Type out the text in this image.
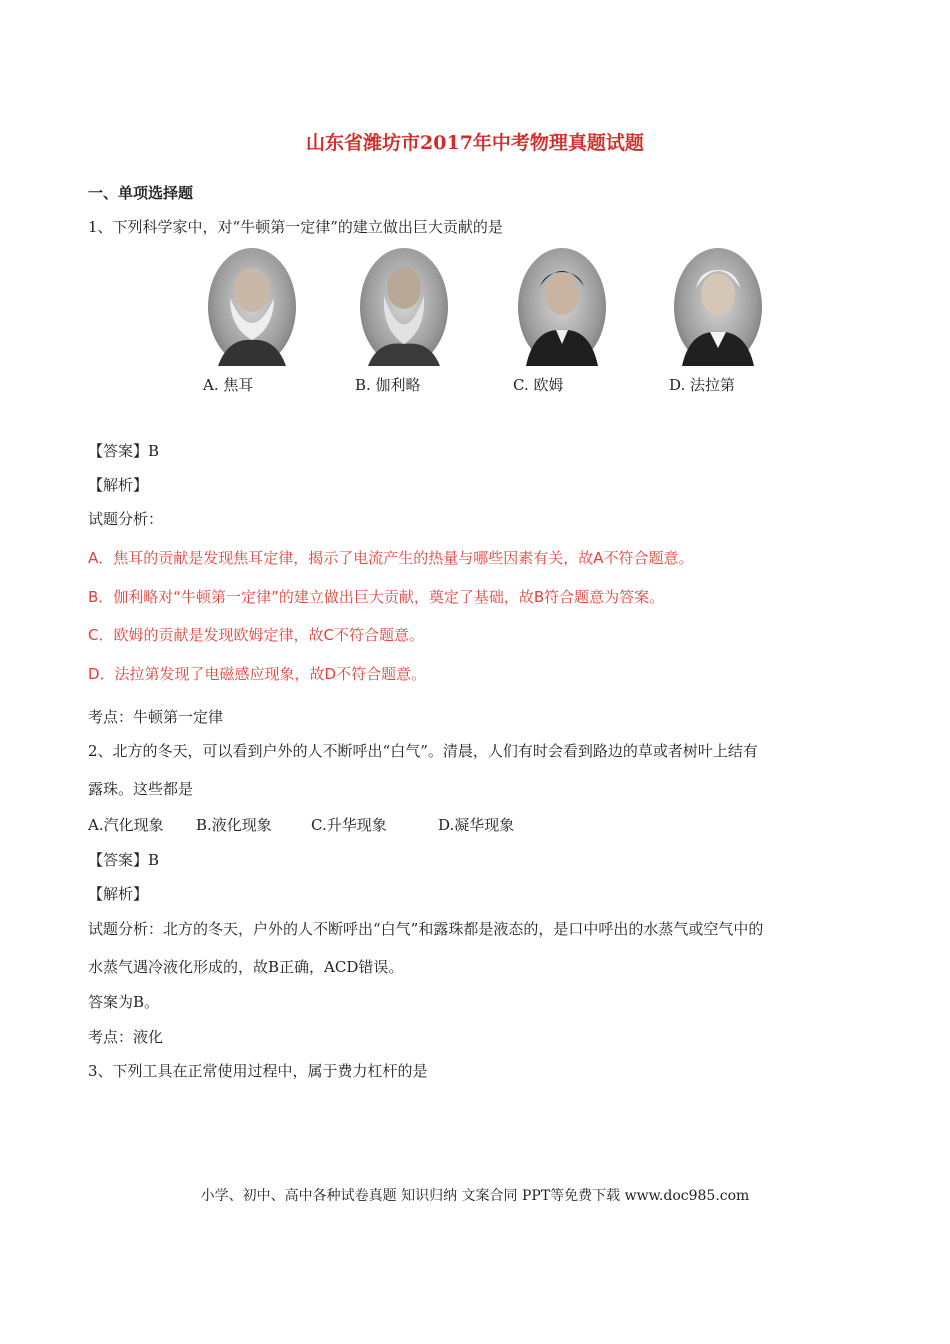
山东省潍坊市2017年中考物理真题试题
一、单项选择题
1、下列科学家中，对“牛顿第一定律”的建立做出巨大贡献的是
A. 焦耳	B. 伽利略	C. 欧姆	D. 法拉第
【答案】B
【解析】
试题分析：
A．焦耳的贡献是发现焦耳定律，揭示了电流产生的热量与哪些因素有关，故A不符合题意。
B．伽利略对“牛顿第一定律”的建立做出巨大贡献，奠定了基础，故B符合题意为答案。
C．欧姆的贡献是发现欧姆定律，故C不符合题意。
D．法拉第发现了电磁感应现象，故D不符合题意。
考点：牛顿第一定律
2、北方的冬天，可以看到户外的人不断呼出“白气”。清晨，人们有时会看到路边的草或者树叶上结有
露珠。这些都是
A.汽化现象 B.液化现象	C.升华现象	D.凝华现象
【答案】B
【解析】
试题分析：北方的冬天，户外的人不断呼出“白气”和露珠都是液态的，是口中呼出的水蒸气或空气中的
水蒸气遇冷液化形成的，故B正确，ACD错误。
答案为B。
考点：液化
3、下列工具在正常使用过程中，属于费力杠杆的是
小学、初中、高中各种试卷真题 知识归纳 文案合同 PPT等免费下载 www.doc985.com
